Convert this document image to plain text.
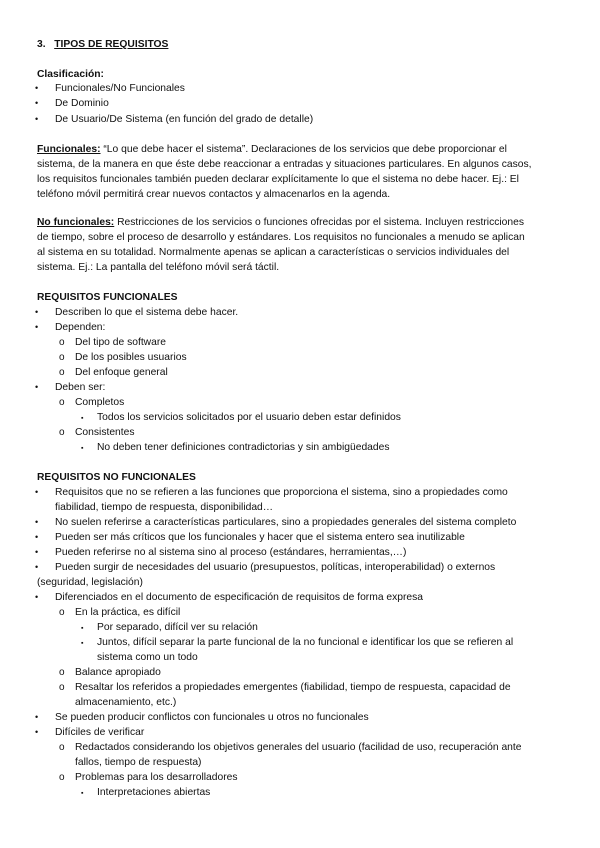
3. TIPOS DE REQUISITOS
Clasificación:
• Funcionales/No Funcionales
• De Dominio
• De Usuario/De Sistema (en función del grado de detalle)
Funcionales: “Lo que debe hacer el sistema”. Declaraciones de los servicios que debe proporcionar el
sistema, de la manera en que éste debe reaccionar a entradas y situaciones particulares. En algunos casos,
los requisitos funcionales también pueden declarar explícitamente lo que el sistema no debe hacer. Ej.: El
teléfono móvil permitirá crear nuevos contactos y almacenarlos en la agenda.
No funcionales: Restricciones de los servicios o funciones ofrecidas por el sistema. Incluyen restricciones
de tiempo, sobre el proceso de desarrollo y estándares. Los requisitos no funcionales a menudo se aplican
al sistema en su totalidad. Normalmente apenas se aplican a características o servicios individuales del
sistema. Ej.: La pantalla del teléfono móvil será táctil.
REQUISITOS FUNCIONALES
• Describen lo que el sistema debe hacer.
• Dependen:
o Del tipo de software
o De los posibles usuarios
o Del enfoque general
• Deben ser:
o Completos
▪ Todos los servicios solicitados por el usuario deben estar definidos
o Consistentes
▪ No deben tener definiciones contradictorias y sin ambigüedades
REQUISITOS NO FUNCIONALES
• Requisitos que no se refieren a las funciones que proporciona el sistema, sino a propiedades como
fiabilidad, tiempo de respuesta, disponibilidad…
• No suelen referirse a características particulares, sino a propiedades generales del sistema completo
• Pueden ser más críticos que los funcionales y hacer que el sistema entero sea inutilizable
• Pueden referirse no al sistema sino al proceso (estándares, herramientas,…)
• Pueden surgir de necesidades del usuario (presupuestos, políticas, interoperabilidad) o externos
(seguridad, legislación)
• Diferenciados en el documento de especificación de requisitos de forma expresa
o En la práctica, es difícil
▪ Por separado, difícil ver su relación
▪ Juntos, difícil separar la parte funcional de la no funcional e identificar los que se refieren al
sistema como un todo
o Balance apropiado
o Resaltar los referidos a propiedades emergentes (fiabilidad, tiempo de respuesta, capacidad de
almacenamiento, etc.)
• Se pueden producir conflictos con funcionales u otros no funcionales
• Difíciles de verificar
o Redactados considerando los objetivos generales del usuario (facilidad de uso, recuperación ante
fallos, tiempo de respuesta)
o Problemas para los desarrolladores
▪ Interpretaciones abiertas
